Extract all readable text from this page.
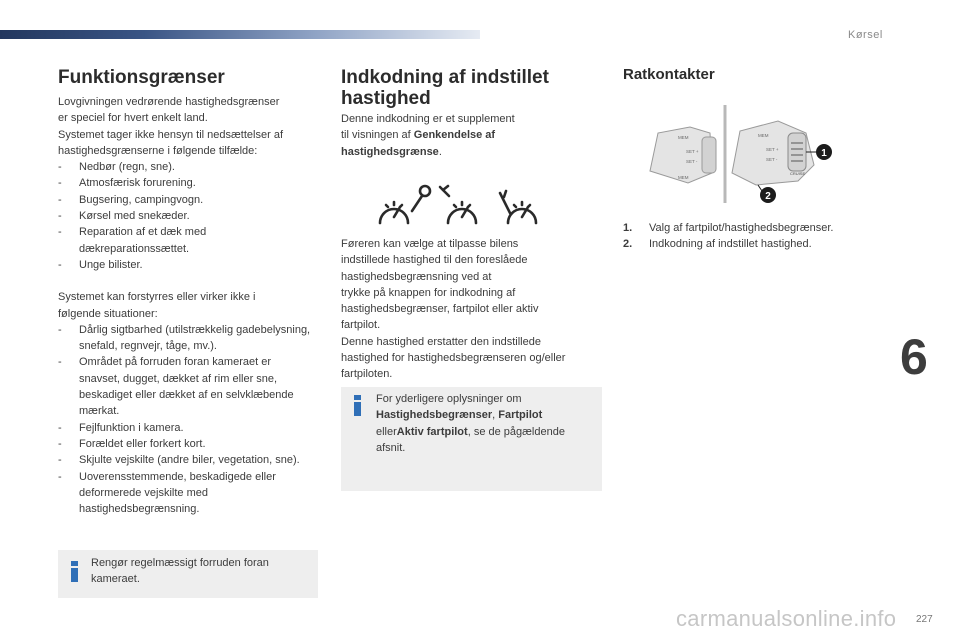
Kørsel
6
227
carmanualsonline.info
Funktionsgrænser
Lovgivningen vedrørende hastighedsgrænser
er speciel for hvert enkelt land.
Systemet tager ikke hensyn til nedsættelser af
hastighedsgrænserne i følgende tilfælde:
- Nedbør (regn, sne).
- Atmosfærisk forurening.
- Bugsering, campingvogn.
- Kørsel med snekæder.
- Reparation af et dæk med dækreparationssættet.
- Unge bilister.
Systemet kan forstyrres eller virker ikke i
følgende situationer:
- Dårlig sigtbarhed (utilstrækkelig gadebelysning, snefald, regnvejr, tåge, mv.).
- Området på forruden foran kameraet er snavset, dugget, dækket af rim eller sne, beskadiget eller dækket af en selvklæbende mærkat.
- Fejlfunktion i kamera.
- Forældet eller forkert kort.
- Skjulte vejskilte (andre biler, vegetation, sne).
- Uoverensstemmende, beskadigede eller deformerede vejskilte med hastighedsbegrænsning.
Rengør regelmæssigt forruden foran
kameraet.
Indkodning af indstillet
hastighed
Denne indkodning er et supplement
til visningen af Genkendelse af
hastighedsgrænse.
Føreren kan vælge at tilpasse bilens
indstillede hastighed til den foreslåede
hastighedsbegrænsning ved at
trykke på knappen for indkodning af
hastighedsbegrænser, fartpilot eller aktiv
fartpilot.
Denne hastighed erstatter den indstillede
hastighed for hastighedsbegrænseren og/eller
fartpiloten.
For yderligere oplysninger om
Hastighedsbegrænser, Fartpilot
ellerAktiv fartpilot, se de pågældende
afsnit.
Ratkontakter
MEM
MEM
SET +
SET -
MEM
SET +
SET -
CRUISE
1
2
1. Valg af fartpilot/hastighedsbegrænser.
2. Indkodning af indstillet hastighed.
